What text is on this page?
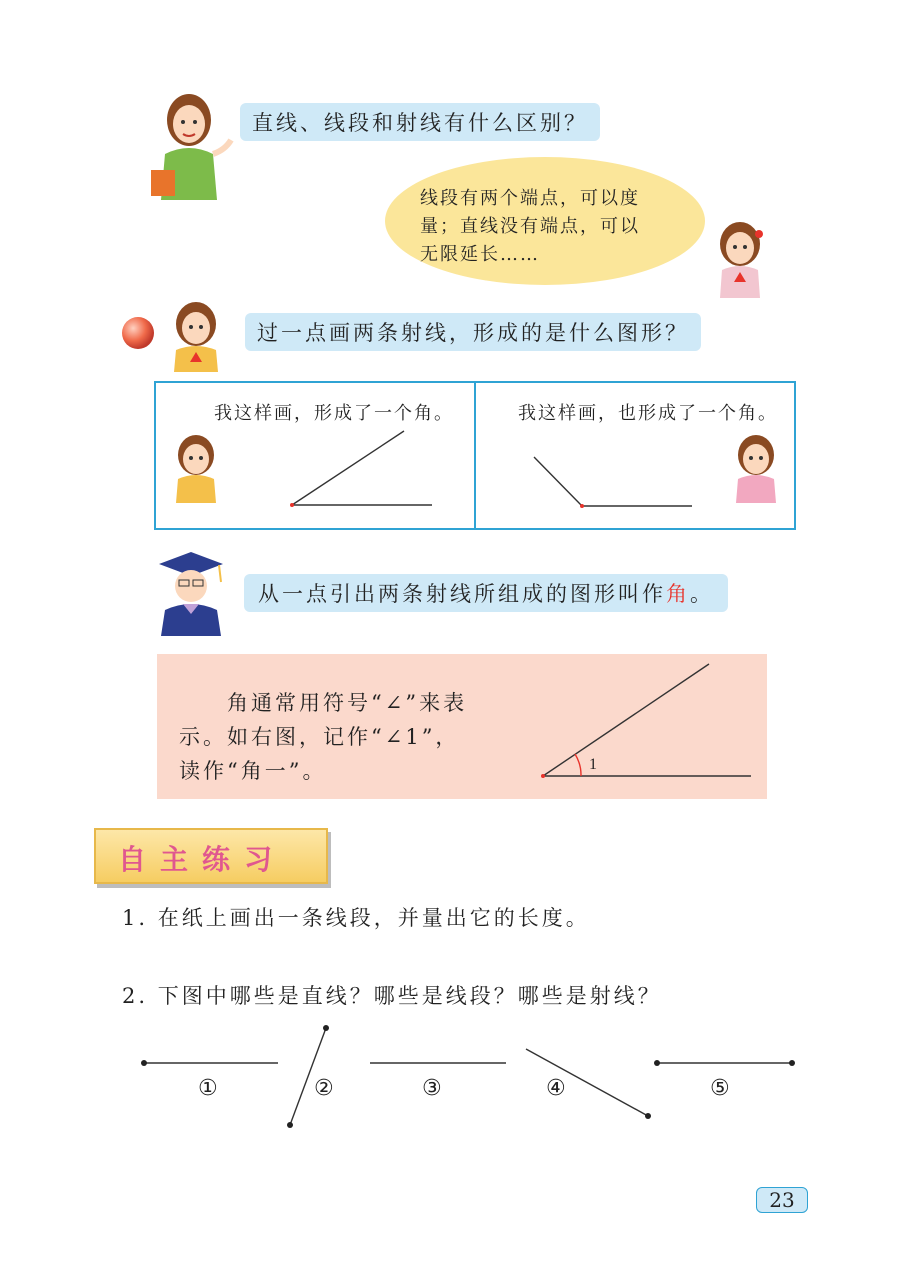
直线、线段和射线有什么区别？
线段有两个端点，可以度
量；直线没有端点，可以
无限延长……
过一点画两条射线，形成的是什么图形？
我这样画，形成了一个角。	我这样画，也形成了一个角。
从一点引出两条射线所组成的图形叫作角。
角通常用符号“∠”来表
示。如右图，记作“∠1”，
读作“角一”。	1
自主练习
1. 在纸上画出一条线段，并量出它的长度。
2. 下图中哪些是直线？哪些是线段？哪些是射线？
①	②	③	④	⑤
23
